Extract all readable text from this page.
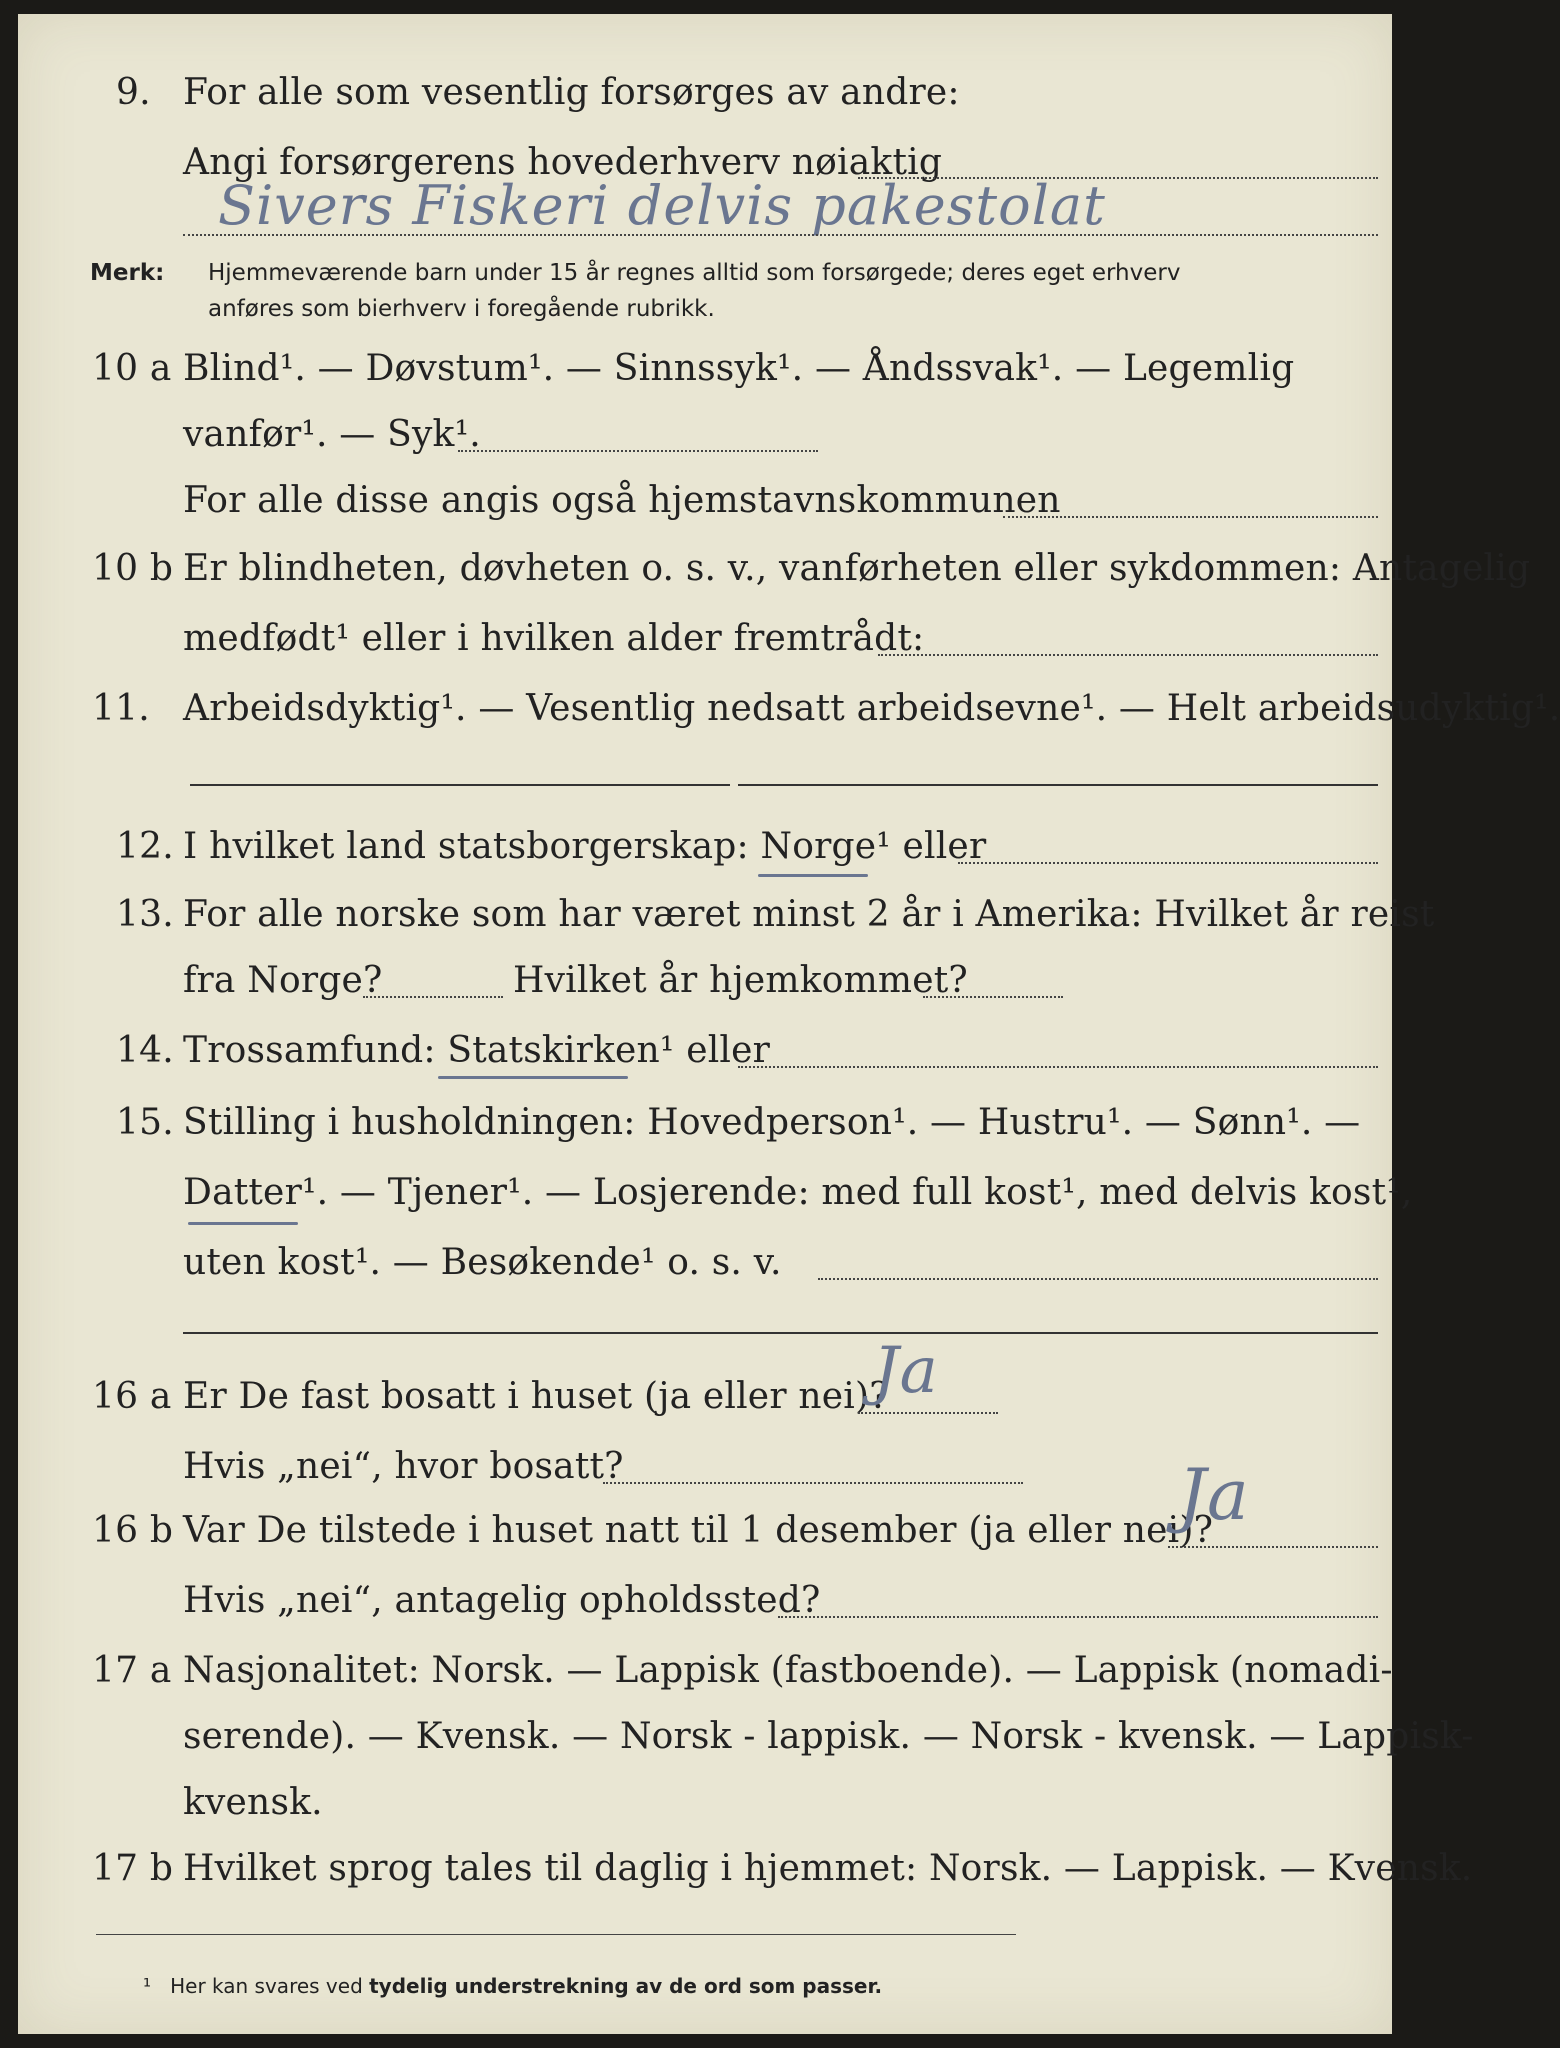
9. For alle som vesentlig forsørges av andre:
Angi forsørgerens hovederhverv nøiaktig
Sivers Fiskeri delvis pakestolat
Merk: Hjemmeværende barn under 15 år regnes alltid som forsørgede; deres eget erhverv
anføres som bierhverv i foregående rubrikk.
10 a Blind¹. — Døvstum¹. — Sinnssyk¹. — Åndssvak¹. — Legemlig
vanfør¹. — Syk¹.
For alle disse angis også hjemstavnskommunen
10 b Er blindheten, døvheten o. s. v., vanførheten eller sykdommen: Antagelig
medfødt¹ eller i hvilken alder fremtrådt:
11. Arbeidsdyktig¹. — Vesentlig nedsatt arbeidsevne¹. — Helt arbeidsudyktig¹.
12. I hvilket land statsborgerskap: Norge¹ eller
13. For alle norske som har været minst 2 år i Amerika: Hvilket år reist
fra Norge?	Hvilket år hjemkommet?
14. Trossamfund: Statskirken¹ eller
15. Stilling i husholdningen: Hovedperson¹. — Hustru¹. — Sønn¹. —
Datter¹. — Tjener¹. — Losjerende: med full kost¹, med delvis kost¹,
uten kost¹. — Besøkende¹ o. s. v.
16 a Er De fast bosatt i huset (ja eller nei)?
Ja
Hvis „nei“, hvor bosatt?
16 b Var De tilstede i huset natt til 1 desember (ja eller nei)?
Ja
Hvis „nei“, antagelig opholdssted?
17 a Nasjonalitet: Norsk. — Lappisk (fastboende). — Lappisk (nomadi-
serende). — Kvensk. — Norsk - lappisk. — Norsk - kvensk. — Lappisk-
kvensk.
17 b Hvilket sprog tales til daglig i hjemmet: Norsk. — Lappisk. — Kvensk.
¹ Her kan svares ved tydelig understrekning av de ord som passer.
